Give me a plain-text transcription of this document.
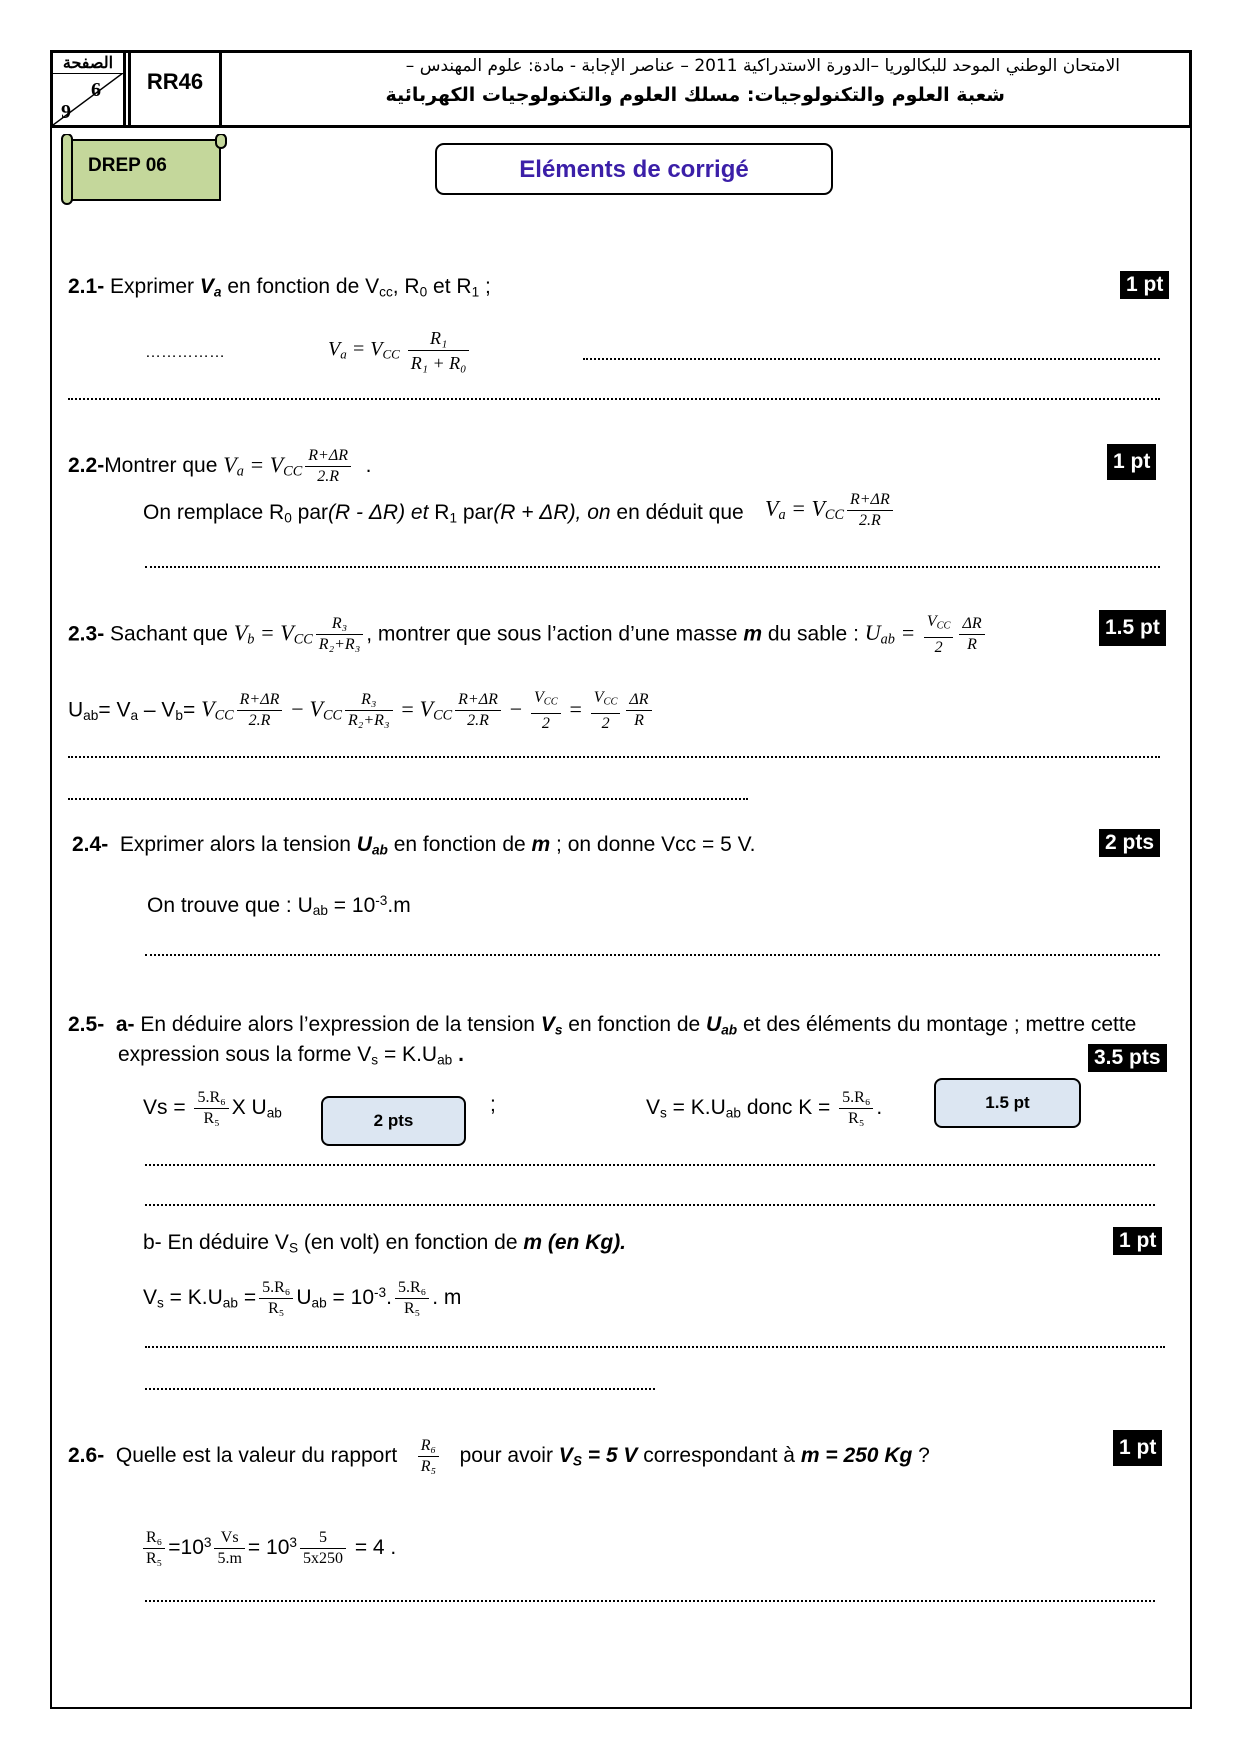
الصفحة
6
9
RR46
الامتحان الوطني الموحد للبكالوريا –الدورة الاستدراكية 2011 – عناصر الإجابة - مادة: علوم المهندس –
شعبة العلوم والتكنولوجيات: مسلك العلوم والتكنولوجيات الكهربائية
DREP 06	Eléments de corrigé
2.1- Exprimer $V_a$ en fonction de $V_{cc}$, $R_0$ et $R_1$ ;	1 pt
……………	$V_a = V_{CC} \frac{\text{R₁}}{\text{R₁ + R₀}}$
2.2-Montrer que $V_a = V_{CC} \frac{R+\Delta R}{2.R}$ .	1 pt
On remplace $R_0$ par(R - ΔR) et $R_1$ par(R + ΔR), on en déduit que $V_a = V_{CC} \frac{R+\Delta R}{2.R}$
2.3- Sachant que $V_b = V_{CC} \frac{\text{R₃}}{\text{R₂+R₃}}$ , montrer que sous l’action d’une masse m du sable : $U_{ab} = \frac{V_{CC}}{2} \frac{\Delta R}{R}$	1.5 pt
$U_{ab}= V_a - V_b= V_{CC} \frac{R+\Delta R}{2.R} - V_{CC} \frac{\text{R₃}}{\text{R₂+R₃}} = V_{CC} \frac{R+\Delta R}{2.R} - \frac{V_{CC}}{2} = \frac{V_{CC}}{2} \frac{\Delta R}{R}$
2.4- Exprimer alors la tension $U_{ab}$ en fonction de m ; on donne Vcc = 5 V.	2 pts
On trouve que : $U_{ab} = 10^{-3}.m$
2.5- a- En déduire alors l’expression de la tension $V_s$ en fonction de $U_{ab}$ et des éléments du montage ; mettre cette
expression sous la forme $V_s = K.U_{ab}$ .	3.5 pts
$Vs = \frac{\text{5.R₆}}{\text{R₅}}$ X $U_{ab}$	2 pts
;	$V_s = K.U_{ab}$ donc $K = \frac{\text{5.R₆}}{\text{R₅}}$ .	1.5 pt
b- En déduire $V_S$ (en volt) en fonction de m (en Kg).	1 pt
$V_s = K.U_{ab} = \frac{\text{5.R₆}}{\text{R₅}} U_{ab} = 10^{-3}$. $\frac{\text{5.R₆}}{\text{R₅}}$ . m
2.6- Quelle est la valeur du rapport $\frac{\text{R₆}}{\text{R₅}}$ pour avoir $V_S = 5$ V correspondant à m = 250 Kg ?	1 pt
$\frac{\text{R₆}}{\text{R₅}} =10^3 \frac{Vs}{5.m} = 10^3 \frac{5}{5x250} = 4$ .
